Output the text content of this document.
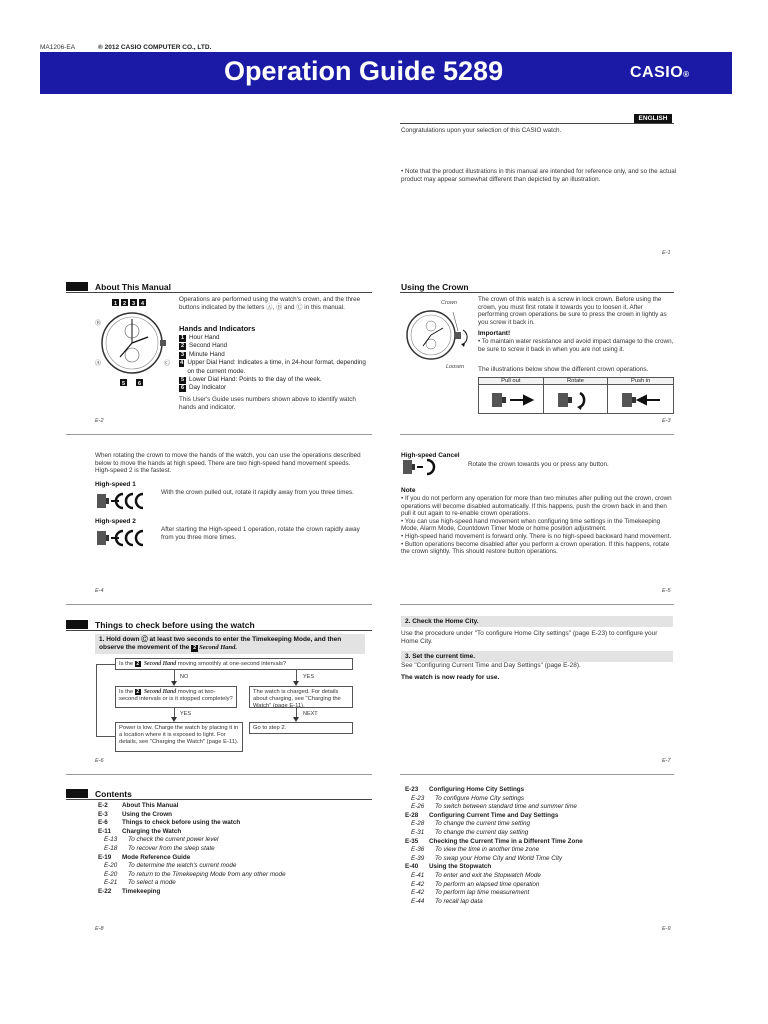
MA1206-EA	® 2012 CASIO COMPUTER CO., LTD.
Operation Guide 5289	CASIO®
ENGLISH
Congratulations upon your selection of this CASIO watch.
• Note that the product illustrations in this manual are intended for reference only, and so the actual product may appear somewhat different than depicted by an illustration.
E-1
About This Manual
1 2 3 4
5 6
Ⓑ
Ⓐ	Ⓒ
Operations are performed using the watch's crown, and the three buttons indicated by the letters Ⓐ, Ⓑ and Ⓒ in this manual.
Hands and Indicators
1 Hour Hand
2 Second Hand
3 Minute Hand
4 Upper Dial Hand: Indicates a time, in 24-hour format, depending on the current mode.
5 Lower Dial Hand: Points to the day of the week.
6 Day Indicator
This User's Guide uses numbers shown above to identify watch hands and indicator.
E-2
Using the Crown
Crown
Loosen
The crown of this watch is a screw in lock crown. Before using the crown, you must first rotate it towards you to loosen it. After performing crown operations be sure to press the crown in lightly as you screw it back in.
Important!
• To maintain water resistance and avoid impact damage to the crown, be sure to screw it back in when you are not using it.
The illustrations below show the different crown operations.
Pull out	Rotate	Push in
E-3
When rotating the crown to move the hands of the watch, you can use the operations described below to move the hands at high speed. There are two high-speed hand movement speeds. High-speed 2 is the fastest.
High-speed 1
With the crown pulled out, rotate it rapidly away from you three times.
High-speed 2
After starting the High-speed 1 operation, rotate the crown rapidly away from you three more times.
E-4
High-speed Cancel
Rotate the crown towards you or press any button.
Note
• If you do not perform any operation for more than two minutes after pulling out the crown, crown operations will become disabled automatically. If this happens, push the crown back in and then pull it out again to re-enable crown operations.
• You can use high-speed hand movement when configuring time settings in the Timekeeping Mode, Alarm Mode, Countdown Timer Mode or home position adjustment.
• High-speed hand movement is forward only. There is no high-speed backward hand movement.
• Button operations become disabled after you perform a crown operation. If this happens, rotate the crown slightly. This should restore button operations.
E-5
Things to check before using the watch
1. Hold down Ⓒ at least two seconds to enter the Timekeeping Mode, and then observe the movement of the 2 Second Hand.
Is the 2 Second Hand moving smoothly at one-second intervals?
NO	YES
Is the 2 Second Hand moving at two-second intervals or is it stopped completely?
The watch is charged. For details about charging, see "Charging the Watch" (page E-11).
YES	NEXT
Power is low. Charge the watch by placing it in a location where it is exposed to light. For details, see "Charging the Watch" (page E-11).
Go to step 2.
E-6
2. Check the Home City.
Use the procedure under "To configure Home City settings" (page E-23) to configure your Home City.
3. Set the current time.
See "Configuring Current Time and Day Settings" (page E-28).
The watch is now ready for use.
E-7
Contents
E-2	About This Manual
E-3	Using the Crown
E-6	Things to check before using the watch
E-11	Charging the Watch
E-13	To check the current power level
E-18	To recover from the sleep state
E-19	Mode Reference Guide
E-20	To determine the watch's current mode
E-20	To return to the Timekeeping Mode from any other mode
E-21	To select a mode
E-22	Timekeeping
E-23	Configuring Home City Settings
E-23	To configure Home City settings
E-26	To switch between standard time and summer time
E-28	Configuring Current Time and Day Settings
E-28	To change the current time setting
E-31	To change the current day setting
E-35	Checking the Current Time in a Different Time Zone
E-36	To view the time in another time zone
E-39	To swap your Home City and World Time City
E-40	Using the Stopwatch
E-41	To enter and exit the Stopwatch Mode
E-42	To perform an elapsed time operation
E-42	To perform lap time measurement
E-44	To recall lap data
E-8	E-9
